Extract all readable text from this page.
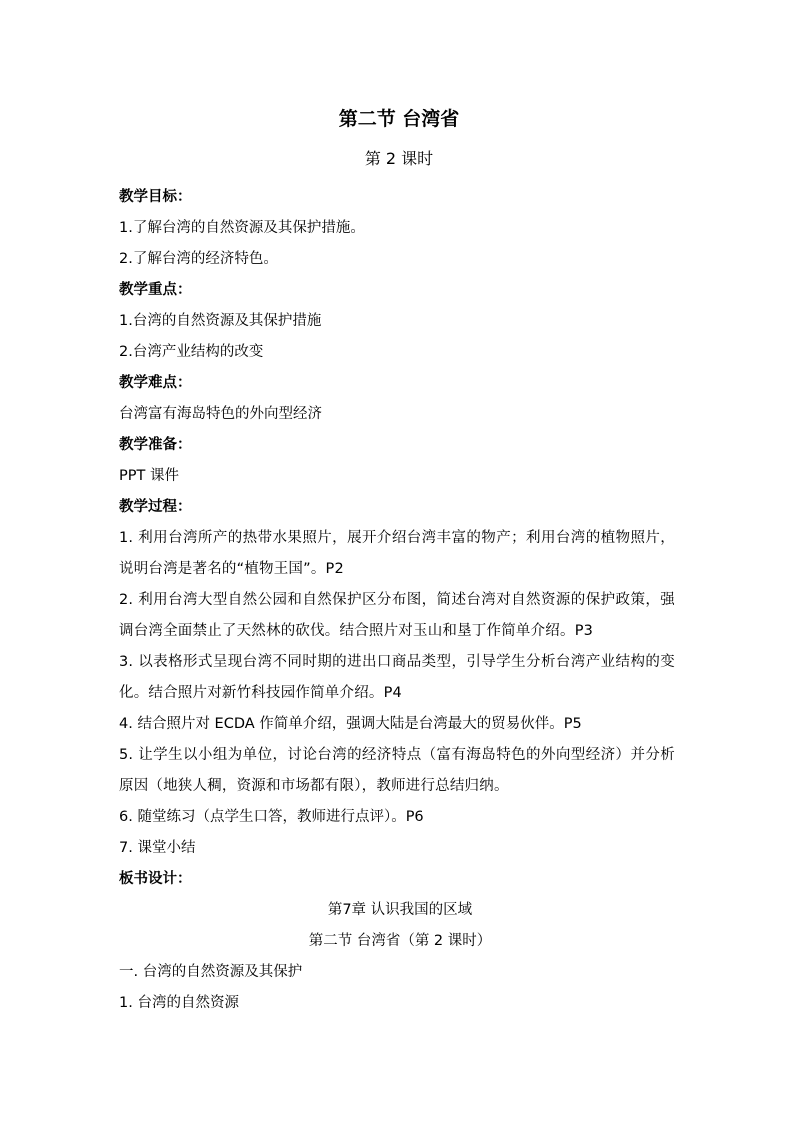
第二节 台湾省
第 2 课时
教学目标：
1.了解台湾的自然资源及其保护措施。
2.了解台湾的经济特色。
教学重点：
1.台湾的自然资源及其保护措施
2.台湾产业结构的改变
教学难点：
台湾富有海岛特色的外向型经济
教学准备：
PPT 课件
教学过程：
1. 利用台湾所产的热带水果照片，展开介绍台湾丰富的物产；利用台湾的植物照片，说明台湾是著名的“植物王国”。P2
2. 利用台湾大型自然公园和自然保护区分布图，简述台湾对自然资源的保护政策，强调台湾全面禁止了天然林的砍伐。结合照片对玉山和垦丁作简单介绍。P3
3. 以表格形式呈现台湾不同时期的进出口商品类型，引导学生分析台湾产业结构的变化。结合照片对新竹科技园作简单介绍。P4
4. 结合照片对 ECDA 作简单介绍，强调大陆是台湾最大的贸易伙伴。P5
5. 让学生以小组为单位，讨论台湾的经济特点（富有海岛特色的外向型经济）并分析原因（地狭人稠，资源和市场都有限），教师进行总结归纳。
6. 随堂练习（点学生口答，教师进行点评）。P6
7. 课堂小结
板书设计：
第7章 认识我国的区域
第二节 台湾省（第 2 课时）
一. 台湾的自然资源及其保护
1. 台湾的自然资源
